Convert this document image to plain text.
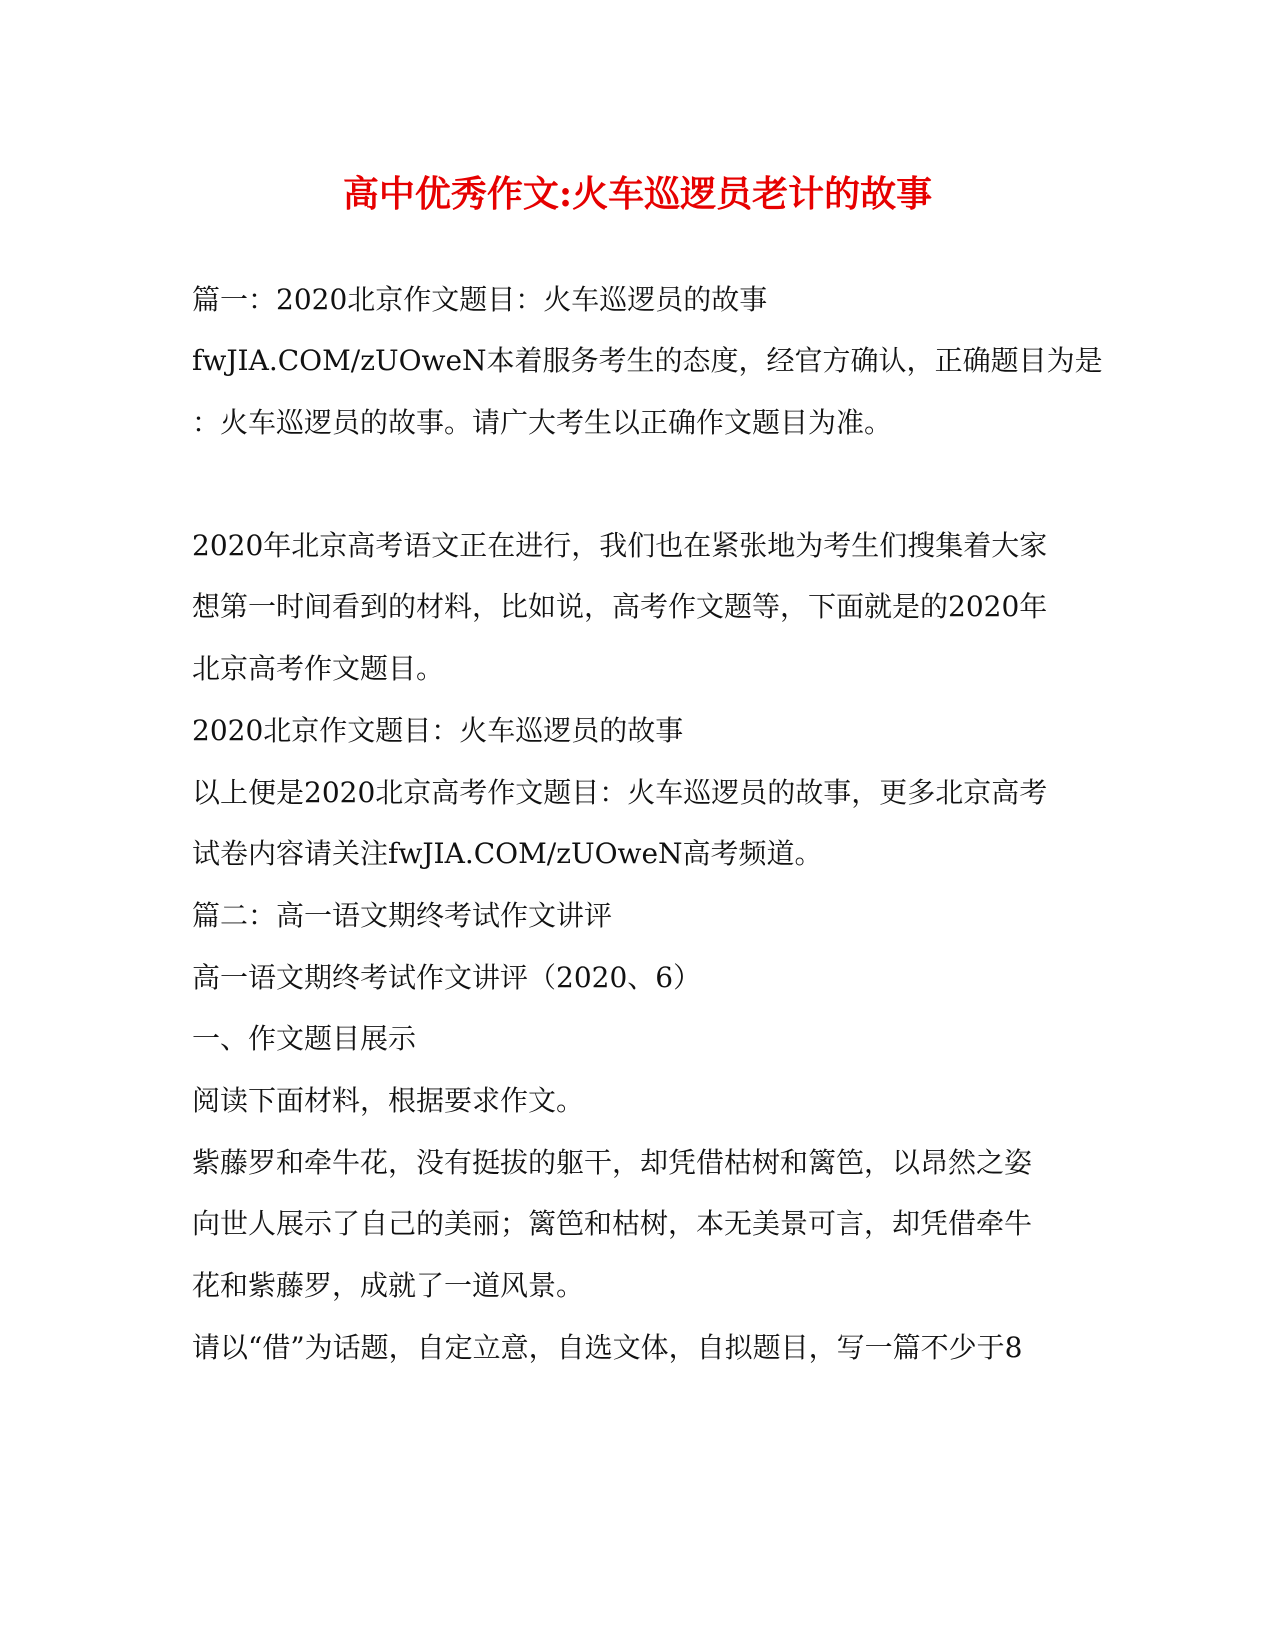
高中优秀作文:火车巡逻员老计的故事
篇一：2020北京作文题目：火车巡逻员的故事
fwJIA.COM/zUOweN本着服务考生的态度，经官方确认，正确题目为是
：火车巡逻员的故事。请广大考生以正确作文题目为准。
2020年北京高考语文正在进行，我们也在紧张地为考生们搜集着大家
想第一时间看到的材料，比如说，高考作文题等，下面就是的2020年
北京高考作文题目。
2020北京作文题目：火车巡逻员的故事
以上便是2020北京高考作文题目：火车巡逻员的故事，更多北京高考
试卷内容请关注fwJIA.COM/zUOweN高考频道。
篇二：高一语文期终考试作文讲评
高一语文期终考试作文讲评（2020、6）
一、作文题目展示
阅读下面材料，根据要求作文。
紫藤罗和牵牛花，没有挺拔的躯干，却凭借枯树和篱笆，以昂然之姿
向世人展示了自己的美丽；篱笆和枯树，本无美景可言，却凭借牵牛
花和紫藤罗，成就了一道风景。
请以“借”为话题，自定立意，自选文体，自拟题目，写一篇不少于8
